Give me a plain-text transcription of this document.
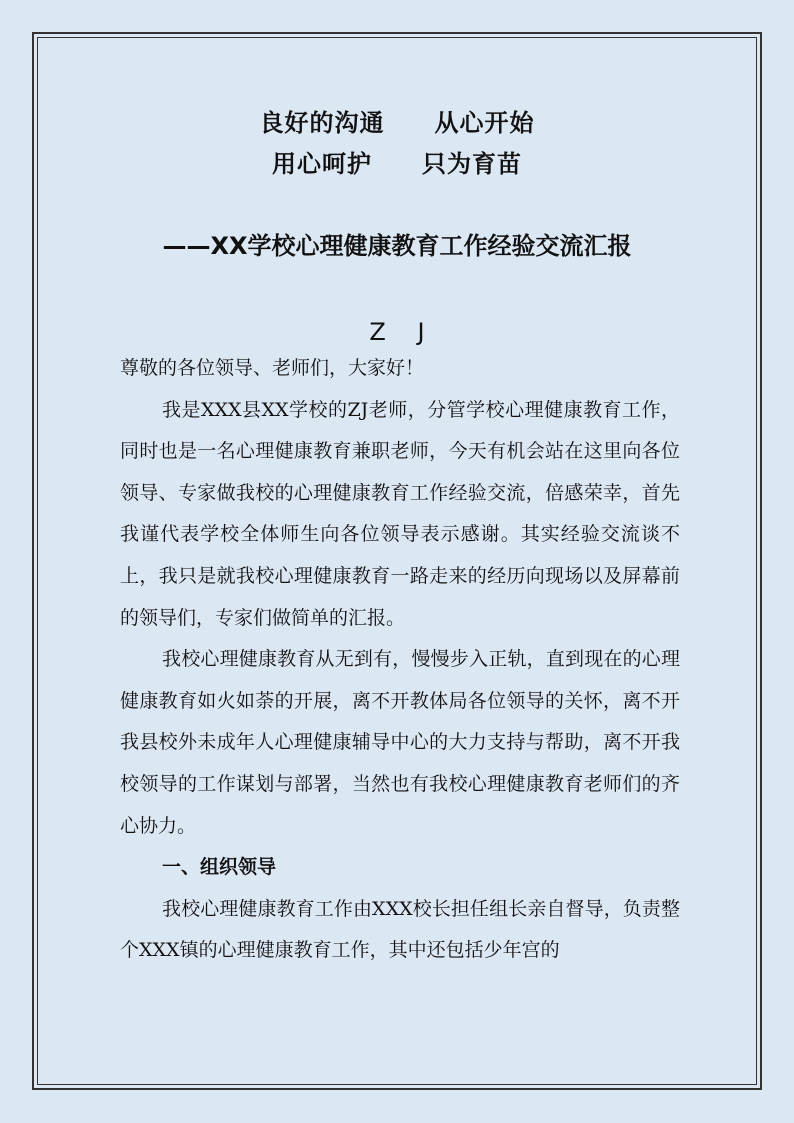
良好的沟通　　从心开始
用心呵护　　只为育苗
——XX学校心理健康教育工作经验交流汇报
Z　 J

尊敬的各位领导、老师们，大家好！

我是XXX县XX学校的ZJ老师，分管学校心理健康教育工作，同时也是一名心理健康教育兼职老师，今天有机会站在这里向各位领导、专家做我校的心理健康教育工作经验交流，倍感荣幸，首先我谨代表学校全体师生向各位领导表示感谢。其实经验交流谈不上，我只是就我校心理健康教育一路走来的经历向现场以及屏幕前的领导们，专家们做简单的汇报。

我校心理健康教育从无到有，慢慢步入正轨，直到现在的心理健康教育如火如荼的开展，离不开教体局各位领导的关怀，离不开我县校外未成年人心理健康辅导中心的大力支持与帮助，离不开我校领导的工作谋划与部署，当然也有我校心理健康教育老师们的齐心协力。

一、组织领导

我校心理健康教育工作由XXX校长担任组长亲自督导，负责整个XXX镇的心理健康教育工作，其中还包括少年宫的
